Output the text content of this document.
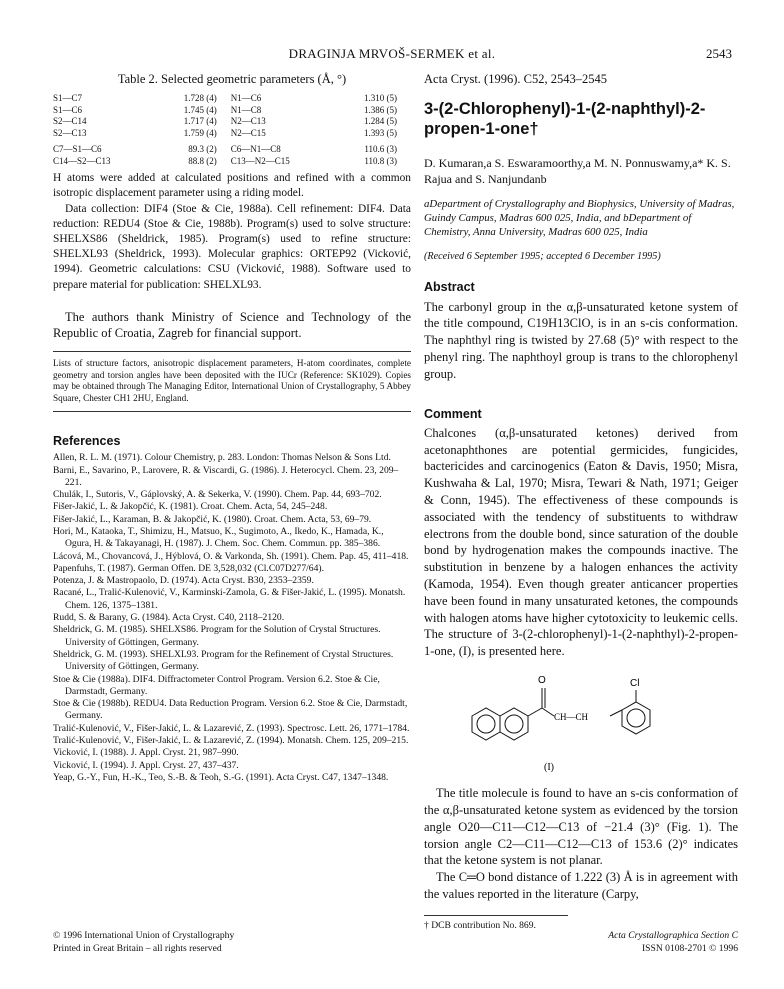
DRAGINJA MRVOŠ-SERMEK et al.	2543
Table 2. Selected geometric parameters (Å, °)
S1—C7	1.728 (4)	N1—C6	1.310 (5)
S1—C6	1.745 (4)	N1—C8	1.386 (5)
S2—C14	1.717 (4)	N2—C13	1.284 (5)
S2—C13	1.759 (4)	N2—C15	1.393 (5)
C7—S1—C6	89.3 (2)	C6—N1—C8	110.6 (3)
C14—S2—C13	88.8 (2)	C13—N2—C15	110.8 (3)

H atoms were added at calculated positions and refined with a common isotropic displacement parameter using a riding model.

Data collection: DIF4 (Stoe & Cie, 1988a). Cell refinement: DIF4. Data reduction: REDU4 (Stoe & Cie, 1988b). Program(s) used to solve structure: SHELXS86 (Sheldrick, 1985). Program(s) used to refine structure: SHELXL93 (Sheldrick, 1993). Molecular graphics: ORTEP92 (Vicković, 1994). Geometric calculations: CSU (Vicković, 1988). Software used to prepare material for publication: SHELXL93.

The authors thank Ministry of Science and Technology of the Republic of Croatia, Zagreb for financial support.

Lists of structure factors, anisotropic displacement parameters, H-atom coordinates, complete geometry and torsion angles have been deposited with the IUCr (Reference: SK1029). Copies may be obtained through The Managing Editor, International Union of Crystallography, 5 Abbey Square, Chester CH1 2HU, England.

References
Allen, R. L. M. (1971). Colour Chemistry, p. 283. London: Thomas Nelson & Sons Ltd.
Barni, E., Savarino, P., Larovere, R. & Viscardi, G. (1986). J. Heterocycl. Chem. 23, 209–221.
Chulák, I., Sutoris, V., Gáplovský, A. & Sekerka, V. (1990). Chem. Pap. 44, 693–702.
Fišer-Jakić, L. & Jakopčić, K. (1981). Croat. Chem. Acta, 54, 245–248.
Fišer-Jakić, L., Karaman, B. & Jakopčić, K. (1980). Croat. Chem. Acta, 53, 69–79.
Hori, M., Kataoka, T., Shimizu, H., Matsuo, K., Sugimoto, A., Ikedo, K., Hamada, K., Ogura, H. & Takayanagi, H. (1987). J. Chem. Soc. Chem. Commun. pp. 385–386.
Lácová, M., Chovancová, J., Hýblová, O. & Varkonda, Sh. (1991). Chem. Pap. 45, 411–418.
Papenfuhs, T. (1987). German Offen. DE 3,528,032 (Cl.C07D277/64).
Potenza, J. & Mastropaolo, D. (1974). Acta Cryst. B30, 2353–2359.
Racané, L., Tralić-Kulenović, V., Karminski-Zamola, G. & Fišer-Jakić, L. (1995). Monatsh. Chem. 126, 1375–1381.
Rudd, S. & Barany, G. (1984). Acta Cryst. C40, 2118–2120.
Sheldrick, G. M. (1985). SHELXS86. Program for the Solution of Crystal Structures. University of Göttingen, Germany.
Sheldrick, G. M. (1993). SHELXL93. Program for the Refinement of Crystal Structures. University of Göttingen, Germany.
Stoe & Cie (1988a). DIF4. Diffractometer Control Program. Version 6.2. Stoe & Cie, Darmstadt, Germany.
Stoe & Cie (1988b). REDU4. Data Reduction Program. Version 6.2. Stoe & Cie, Darmstadt, Germany.
Tralić-Kulenović, V., Fišer-Jakić, L. & Lazarević, Z. (1993). Spectrosc. Lett. 26, 1771–1784.
Tralić-Kulenović, V., Fišer-Jakić, L. & Lazarević, Z. (1994). Monatsh. Chem. 125, 209–215.
Vicković, I. (1988). J. Appl. Cryst. 21, 987–990.
Vicković, I. (1994). J. Appl. Cryst. 27, 437–437.
Yeap, G.-Y., Fun, H.-K., Teo, S.-B. & Teoh, S.-G. (1991). Acta Cryst. C47, 1347–1348.
Acta Cryst. (1996). C52, 2543–2545
3-(2-Chlorophenyl)-1-(2-naphthyl)-2-propen-1-one†
D. Kumaran,a S. Eswaramoorthy,a M. N. Ponnuswamy,a* K. S. Rajua and S. Nanjundanb
aDepartment of Crystallography and Biophysics, University of Madras, Guindy Campus, Madras 600 025, India, and bDepartment of Chemistry, Anna University, Madras 600 025, India
(Received 6 September 1995; accepted 6 December 1995)
Abstract

The carbonyl group in the α,β-unsaturated ketone system of the title compound, C19H13ClO, is in an s-cis conformation. The naphthyl ring is twisted by 27.68 (5)° with respect to the phenyl ring. The naphthoyl group is trans to the chlorophenyl group.

Comment

Chalcones (α,β-unsaturated ketones) derived from acetonaphthones are potential germicides, fungicides, bactericides and carcinogenics (Eaton & Davis, 1950; Misra, Kushwaha & Lal, 1970; Misra, Tewari & Nath, 1971; Geiger & Conn, 1945). The effectiveness of these compounds is associated with the tendency of substituents to withdraw electrons from the double bond, since saturation of the double bond by hydrogenation makes the compounds inactive. The substitution in benzene by a halogen enhances the activity (Kamoda, 1954). Even though greater anticancer properties have been found in many unsaturated ketones, the compounds with halogen atoms have higher cytotoxicity to leukemic cells. The structure of 3-(2-chlorophenyl)-1-(2-naphthyl)-2-propen-1-one, (I), is presented here.

O	Cl
CH—CH
(I)

The title molecule is found to have an s-cis conformation of the α,β-unsaturated ketone system as evidenced by the torsion angle O20—C11—C12—C13 of −21.4 (3)° (Fig. 1). The torsion angle C2—C11—C12—C13 of 153.6 (2)° indicates that the ketone system is not planar.

The C═O bond distance of 1.222 (3) Å is in agreement with the values reported in the literature (Carpy,

† DCB contribution No. 869.

© 1996 International Union of Crystallography
Printed in Great Britain – all rights reserved
Acta Crystallographica Section C
ISSN 0108-2701 © 1996
